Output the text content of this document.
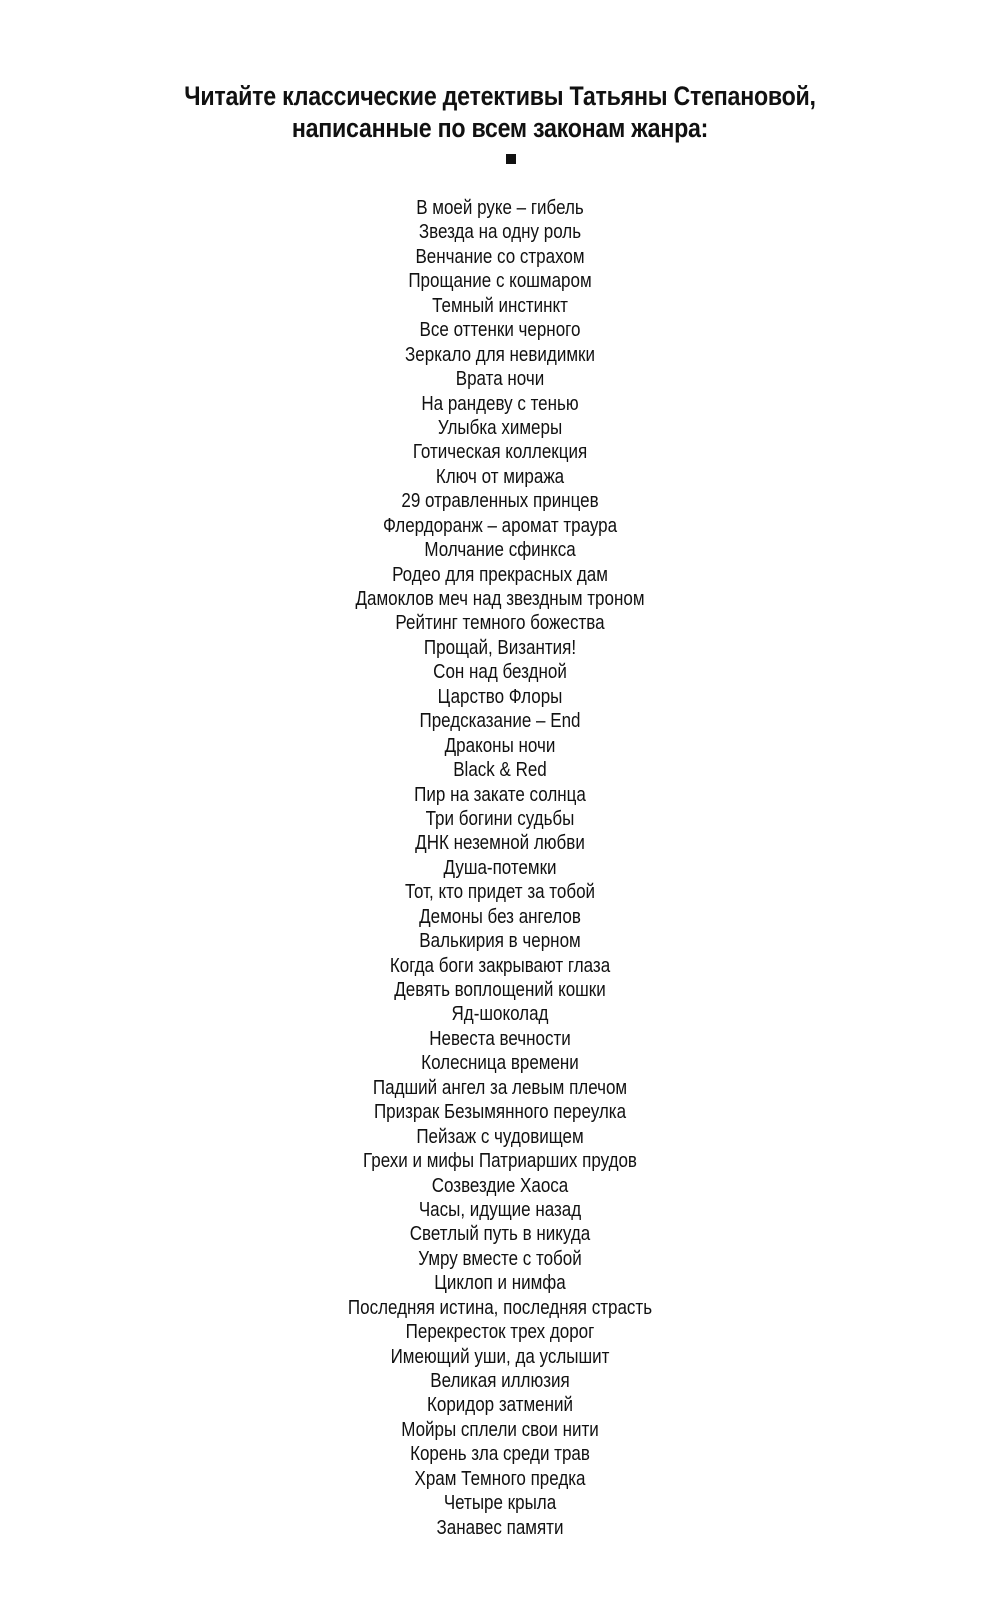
Читайте классические детективы Татьяны Степановой,
написанные по всем законам жанра:
В моей руке – гибель
Звезда на одну роль
Венчание со страхом
Прощание с кошмаром
Темный инстинкт
Все оттенки черного
Зеркало для невидимки
Врата ночи
На рандеву с тенью
Улыбка химеры
Готическая коллекция
Ключ от миража
29 отравленных принцев
Флердоранж – аромат траура
Молчание сфинкса
Родео для прекрасных дам
Дамоклов меч над звездным троном
Рейтинг темного божества
Прощай, Византия!
Сон над бездной
Царство Флоры
Предсказание – End
Драконы ночи
Black & Red
Пир на закате солнца
Три богини судьбы
ДНК неземной любви
Душа-потемки
Тот, кто придет за тобой
Демоны без ангелов
Валькирия в черном
Когда боги закрывают глаза
Девять воплощений кошки
Яд-шоколад
Невеста вечности
Колесница времени
Падший ангел за левым плечом
Призрак Безымянного переулка
Пейзаж с чудовищем
Грехи и мифы Патриарших прудов
Созвездие Хаоса
Часы, идущие назад
Светлый путь в никуда
Умру вместе с тобой
Циклоп и нимфа
Последняя истина, последняя страсть
Перекресток трех дорог
Имеющий уши, да услышит
Великая иллюзия
Коридор затмений
Мойры сплели свои нити
Корень зла среди трав
Храм Темного предка
Четыре крыла
Занавес памяти
